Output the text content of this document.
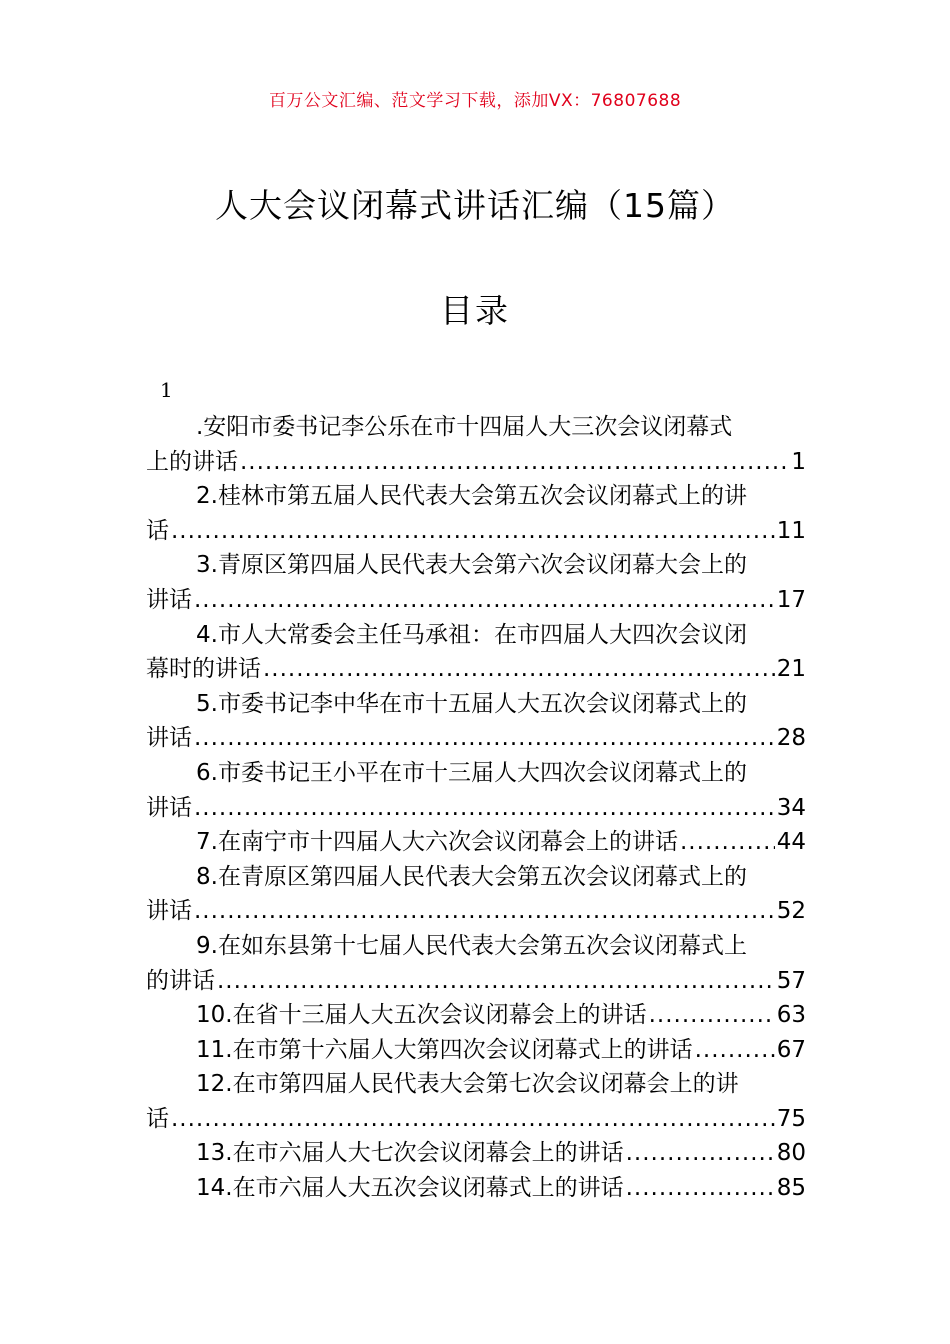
百万公文汇编、范文学习下载，添加VX：76807688
人大会议闭幕式讲话汇编（15篇）
目录
1
.安阳市委书记李公乐在市十四届人大三次会议闭幕式
上的讲话 .....	1
2.桂林市第五届人民代表大会第五次会议闭幕式上的讲
话 .....	11
3.青原区第四届人民代表大会第六次会议闭幕大会上的
讲话 .....	17
4.市人大常委会主任马承祖：在市四届人大四次会议闭
幕时的讲话 .....	21
5.市委书记李中华在市十五届人大五次会议闭幕式上的
讲话 .....	28
6.市委书记王小平在市十三届人大四次会议闭幕式上的
讲话 .....	34
7.在南宁市十四届人大六次会议闭幕会上的讲话 .....	44
8.在青原区第四届人民代表大会第五次会议闭幕式上的
讲话 .....	52
9.在如东县第十七届人民代表大会第五次会议闭幕式上
的讲话 .....	57
10.在省十三届人大五次会议闭幕会上的讲话 .....	63
11.在市第十六届人大第四次会议闭幕式上的讲话 .....	67
12.在市第四届人民代表大会第七次会议闭幕会上的讲
话 .....	75
13.在市六届人大七次会议闭幕会上的讲话 .....	80
14.在市六届人大五次会议闭幕式上的讲话 .....	85
